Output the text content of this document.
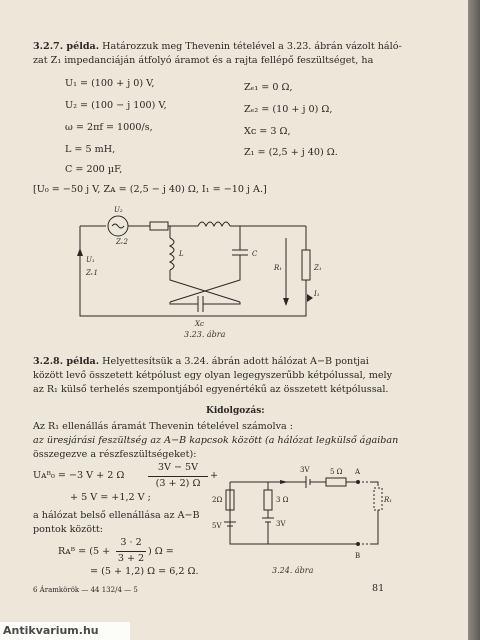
3.2.7. példa. Határozzuk meg Thevenin tételével a 3.23. ábrán vázolt háló-
zat Z₁ impedanciáján átfolyó áramot és a rajta fellépő feszültséget, ha
U₁ = (100 + j 0) V,
U₂ = (100 − j 100) V,
ω = 2πf = 1000/s,
L = 5 mH,
C = 200 µF,
Zₑ₁ = 0 Ω,
Zₑ₂ = (10 + j 0) Ω,
Xᴄ = 3 Ω,
Z₁ = (2,5 + j 40) Ω.
[U₀ = −50 j V, Zᴀ = (2,5 − j 40) Ω, I₁ = −10 j A.]
U₂
Zᵥ2
U₁
Zᵥ1
L	C
Xᴄ
R₁	Z₁
I₁
3.23. ábra
3.2.8. példa. Helyettesítsük a 3.24. ábrán adott hálózat A−B pontjai
között levő összetett kétpólust egy olyan legegyszerűbb kétpólussal, mely
az R₁ külső terhelés szempontjából egyenértékű az összetett kétpólussal.
Kidolgozás:
Az R₁ ellenállás áramát Thevenin tételével számolva :
az üresjárási feszültség az A−B kapcsok között (a hálózat legkülső ágaiban
összegezve a részfeszültségeket):
Uᴀᴮ₀ = −3 V + 2 Ω
3V − 5V
(3 + 2) Ω
+
+ 5 V = +1,2 V ;
a hálózat belső ellenállása az A−B
pontok között:
Rᴀᴮ = (5 +
3 · 2
3 + 2
) Ω =
= (5 + 1,2) Ω = 6,2 Ω.
3V	5 Ω A
B
2Ω	3 Ω
5V	3V
R₁
3.24. ábra
6 Áramkörök — 44 132/4 — 5	81
Antikvarium.hu
